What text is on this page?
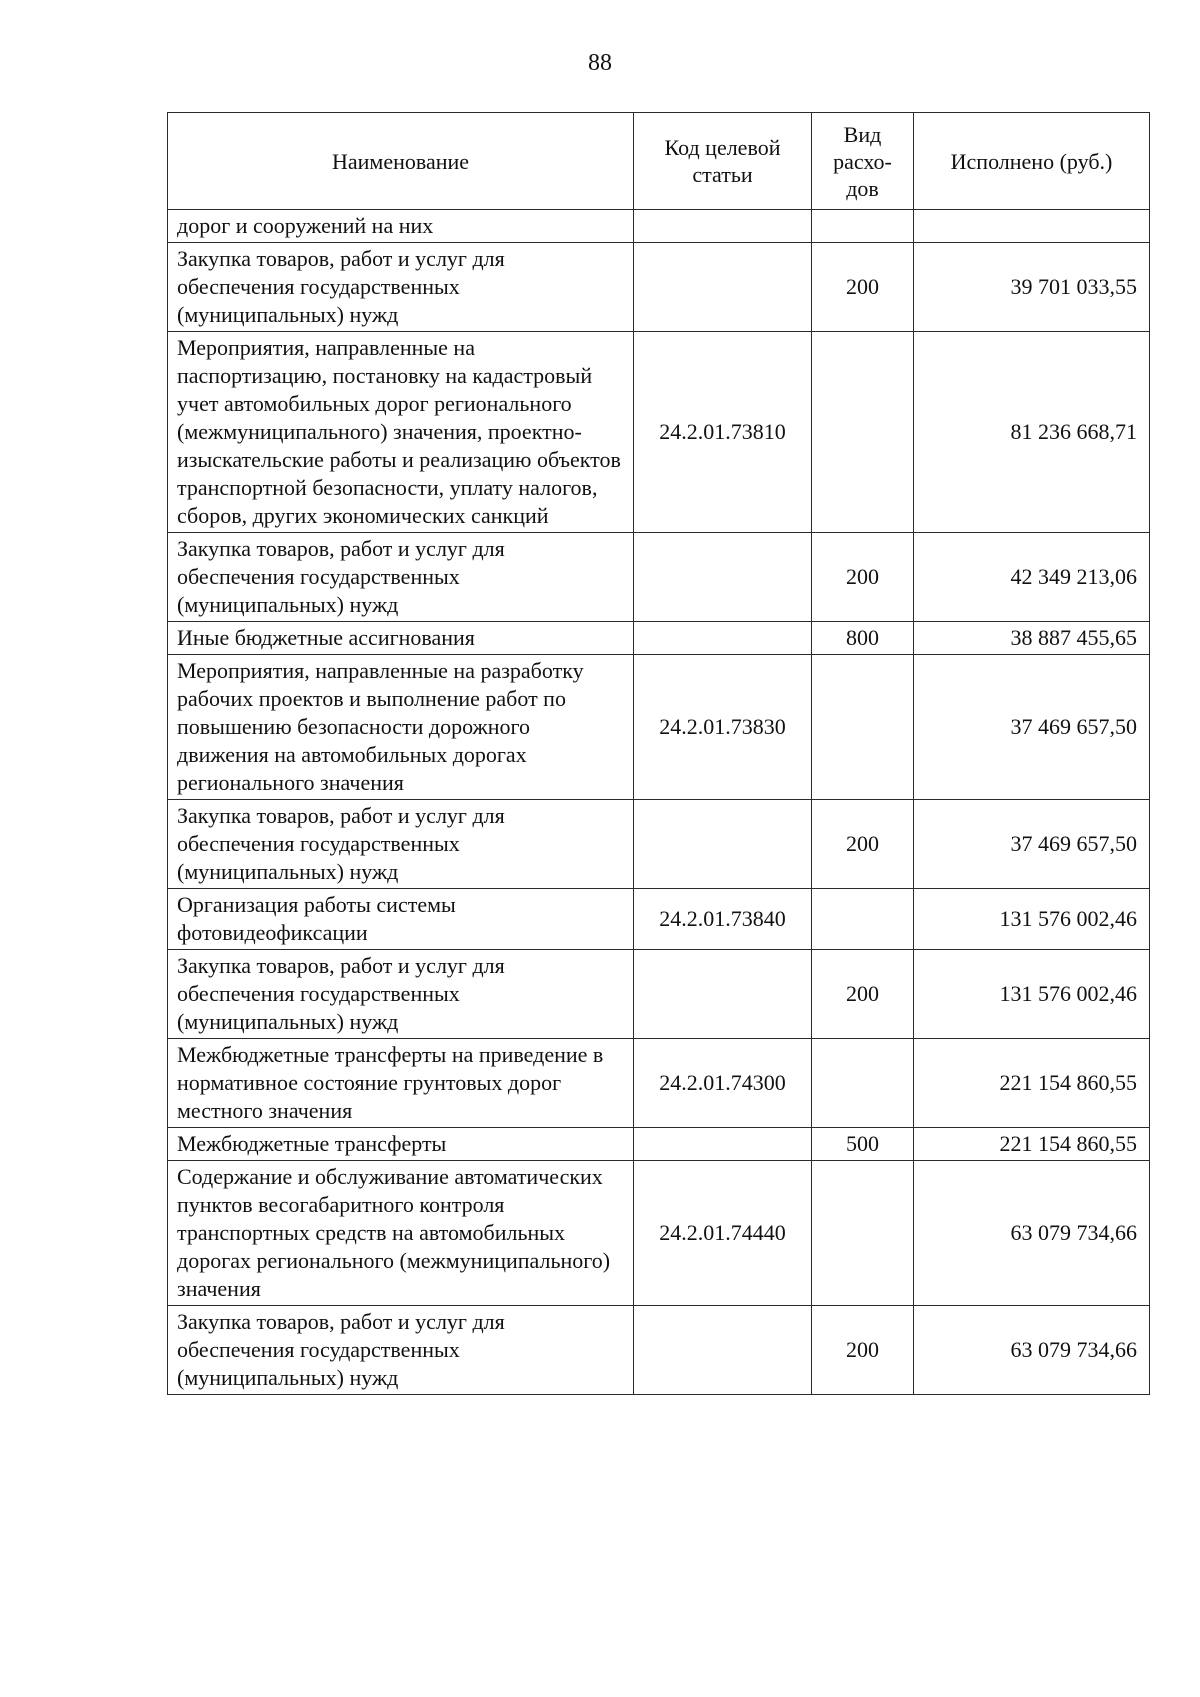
88
Наименование	Код целевой статьи	Вид расхо-дов	Исполнено (руб.)
дорог и сооружений на них			
Закупка товаров, работ и услуг для обеспечения государственных (муниципальных) нужд		200	39 701 033,55
Мероприятия, направленные на паспортизацию, постановку на кадастровый учет автомобильных дорог регионального (межмуниципального) значения, проектно-изыскательские работы и реализацию объектов транспортной безопасности, уплату налогов, сборов, других экономических санкций	24.2.01.73810		81 236 668,71
Закупка товаров, работ и услуг для обеспечения государственных (муниципальных) нужд		200	42 349 213,06
Иные бюджетные ассигнования		800	38 887 455,65
Мероприятия, направленные на разработку рабочих проектов и выполнение работ по повышению безопасности дорожного движения на автомобильных дорогах регионального значения	24.2.01.73830		37 469 657,50
Закупка товаров, работ и услуг для обеспечения государственных (муниципальных) нужд		200	37 469 657,50
Организация работы системы фотовидеофиксации	24.2.01.73840		131 576 002,46
Закупка товаров, работ и услуг для обеспечения государственных (муниципальных) нужд		200	131 576 002,46
Межбюджетные трансферты на приведение в нормативное состояние грунтовых дорог местного значения	24.2.01.74300		221 154 860,55
Межбюджетные трансферты		500	221 154 860,55
Содержание и обслуживание автоматических пунктов весогабаритного контроля транспортных средств на автомобильных дорогах регионального (межмуниципального) значения	24.2.01.74440		63 079 734,66
Закупка товаров, работ и услуг для обеспечения государственных (муниципальных) нужд		200	63 079 734,66
